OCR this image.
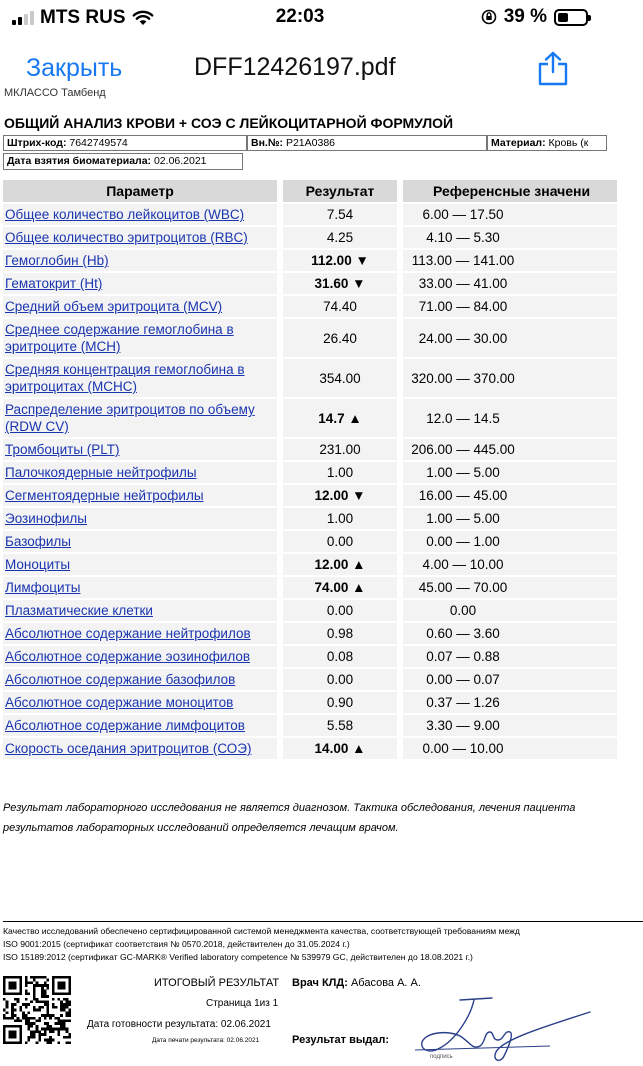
MTS RUS	22:03	39 %
Закрыть	DFF12426197.pdf
МКЛАССО Тамбенд
ОБЩИЙ АНАЛИЗ КРОВИ + СОЭ С ЛЕЙКОЦИТАРНОЙ ФОРМУЛОЙ
Штрих-код: 7642749574	Вн.№: P21A0386	Материал: Кровь (к
Дата взятия биоматериала: 02.06.2021
Параметр	Результат	Референсные значени
Общее количество лейкоцитов (WBC)	7.54	6.00 — 17.50
Общее количество эритроцитов (RBC)	4.25	4.10 — 5.30
Гемоглобин (Hb)	112.00 ▼	113.00 — 141.00
Гематокрит (Ht)	31.60 ▼	33.00 — 41.00
Средний объем эритроцита (MCV)	74.40	71.00 — 84.00
Среднее содержание гемоглобина в эритроците (MCH)	26.40	24.00 — 30.00
Средняя концентрация гемоглобина в эритроцитах (MCHC)	354.00	320.00 — 370.00
Распределение эритроцитов по объему (RDW CV)	14.7 ▲	12.0 — 14.5
Тромбоциты (PLT)	231.00	206.00 — 445.00
Палочкоядерные нейтрофилы	1.00	1.00 — 5.00
Сегментоядерные нейтрофилы	12.00 ▼	16.00 — 45.00
Эозинофилы	1.00	1.00 — 5.00
Базофилы	0.00	0.00 — 1.00
Моноциты	12.00 ▲	4.00 — 10.00
Лимфоциты	74.00 ▲	45.00 — 70.00
Плазматические клетки	0.00	0.00
Абсолютное содержание нейтрофилов	0.98	0.60 — 3.60
Абсолютное содержание эозинофилов	0.08	0.07 — 0.88
Абсолютное содержание базофилов	0.00	0.00 — 0.07
Абсолютное содержание моноцитов	0.90	0.37 — 1.26
Абсолютное содержание лимфоцитов	5.58	3.30 — 9.00
Скорость оседания эритроцитов (СОЭ)	14.00 ▲	0.00 — 10.00
Результат лабораторного исследования не является диагнозом. Тактика обследования, лечения пациента
результатов лабораторных исследований определяется лечащим врачом.
Качество исследований обеспечено сертифицированной системой менеджмента качества, соответствующей требованиям межд
ISO 9001:2015 (сертификат соответствия № 0570.2018, действителен до 31.05.2024 г.)
ISO 15189:2012 (сертификат GC-MARK® Verified laboratory competence № 539979 GC, действителен до 18.08.2021 г.)
ИТОГОВЫЙ РЕЗУЛЬТАТ
Страница 1из 1
Дата готовности результата: 02.06.2021
Дата печати результата: 02.06.2021
Врач КЛД: Абасова А. А.
Результат выдал:
подпись
